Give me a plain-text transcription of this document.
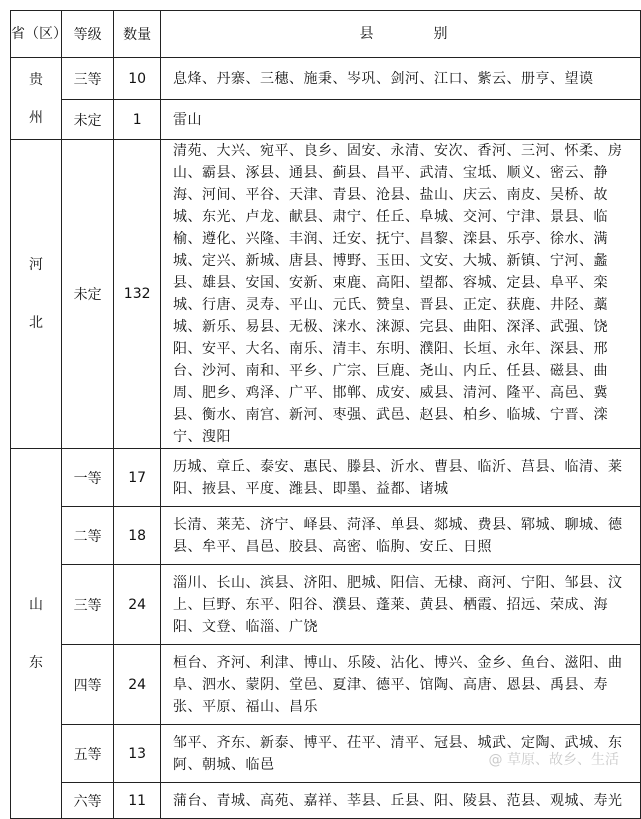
省（区）	等级	数量	县别
贵州	三等	10	息烽、丹寨、三穗、施秉、岑巩、剑河、江口、紫云、册亨、望谟
	未定	1	雷山
河北	未定	132	清苑、大兴、宛平、良乡、固安、永清、安次、香河、三河、怀柔、房山、霸县、涿县、通县、蓟县、昌平、武清、宝坻、顺义、密云、静海、河间、平谷、天津、青县、沧县、盐山、庆云、南皮、吴桥、故城、东光、卢龙、献县、肃宁、任丘、阜城、交河、宁津、景县、临榆、遵化、兴隆、丰润、迁安、抚宁、昌黎、滦县、乐亭、徐水、满城、定兴、新城、唐县、博野、玉田、文安、大城、新镇、宁河、蠡县、雄县、安国、安新、束鹿、高阳、望都、容城、定县、阜平、栾城、行唐、灵寿、平山、元氏、赞皇、晋县、正定、获鹿、井陉、藁城、新乐、易县、无极、涞水、涞源、完县、曲阳、深泽、武强、饶阳、安平、大名、南乐、清丰、东明、濮阳、长垣、永年、深县、邢台、沙河、南和、平乡、广宗、巨鹿、尧山、内丘、任县、磁县、曲周、肥乡、鸡泽、广平、邯郸、成安、威县、清河、隆平、高邑、冀县、衡水、南宫、新河、枣强、武邑、赵县、柏乡、临城、宁晋、滦宁、溲阳
山东	一等	17	历城、章丘、泰安、惠民、滕县、沂水、曹县、临沂、莒县、临清、莱阳、掖县、平度、潍县、即墨、益都、诸城
	二等	18	长清、莱芜、济宁、峄县、菏泽、单县、郯城、费县、郓城、聊城、德县、牟平、昌邑、胶县、高密、临朐、安丘、日照
	三等	24	淄川、长山、滨县、济阳、肥城、阳信、无棣、商河、宁阳、邹县、汶上、巨野、东平、阳谷、濮县、蓬莱、黄县、栖霞、招远、荣成、海阳、文登、临淄、广饶
	四等	24	桓台、齐河、利津、博山、乐陵、沾化、博兴、金乡、鱼台、滋阳、曲阜、泗水、蒙阴、堂邑、夏津、德平、馆陶、高唐、恩县、禹县、寿张、平原、福山、昌乐
	五等	13	邹平、齐东、新泰、博平、茌平、清平、冠县、城武、定陶、武城、东阿、朝城、临邑
	六等	11	蒲台、青城、高苑、嘉祥、莘县、丘县、阳、陵县、范县、观城、寿光
@ 草原、故乡、生活
